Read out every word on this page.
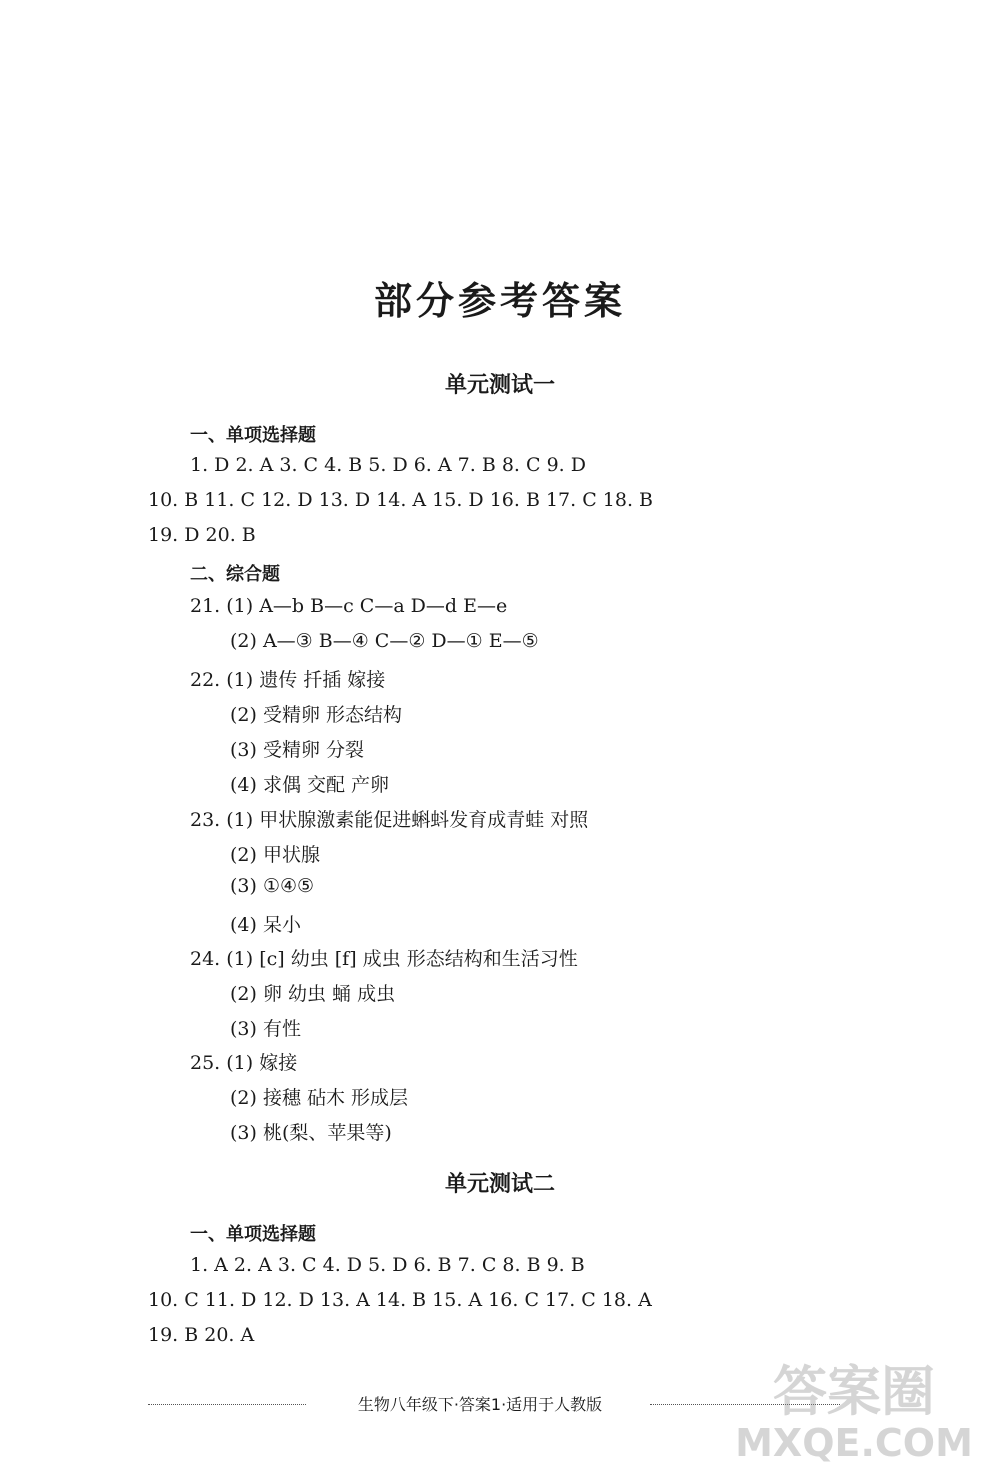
部分参考答案
单元测试一
一、单项选择题
1. D 2. A 3. C 4. B 5. D 6. A 7. B 8. C 9. D
10. B 11. C 12. D 13. D 14. A 15. D 16. B 17. C 18. B
19. D 20. B
二、综合题
21. (1) A—b B—c C—a D—d E—e
(2) A—③ B—④ C—② D—① E—⑤
22. (1) 遗传 扦插 嫁接
(2) 受精卵 形态结构
(3) 受精卵 分裂
(4) 求偶 交配 产卵
23. (1) 甲状腺激素能促进蝌蚪发育成青蛙 对照
(2) 甲状腺
(3) ①④⑤
(4) 呆小
24. (1) [c] 幼虫 [f] 成虫 形态结构和生活习性
(2) 卵 幼虫 蛹 成虫
(3) 有性
25. (1) 嫁接
(2) 接穗 砧木 形成层
(3) 桃(梨、苹果等)
单元测试二
一、单项选择题
1. A 2. A 3. C 4. D 5. D 6. B 7. C 8. B 9. B
10. C 11. D 12. D 13. A 14. B 15. A 16. C 17. C 18. A
19. B 20. A
生物八年级下·答案1·适用于人教版	答案圈
MXQE.COM
